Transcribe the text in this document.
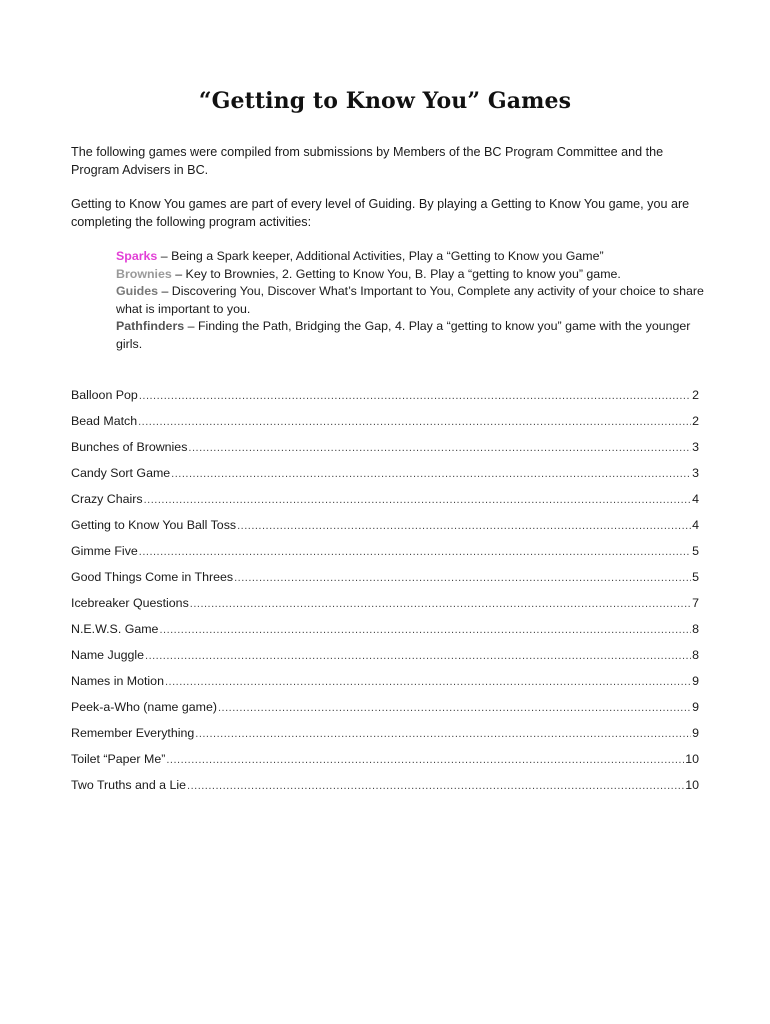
“Getting to Know You” Games
The following games were compiled from submissions by Members of the BC Program Committee and the Program Advisers in BC.
Getting to Know You games are part of every level of Guiding. By playing a Getting to Know You game, you are completing the following program activities:
Sparks – Being a Spark keeper, Additional Activities, Play a “Getting to Know you Game”
Brownies – Key to Brownies, 2. Getting to Know You, B. Play a “getting to know you” game.
Guides – Discovering You, Discover What’s Important to You, Complete any activity of your choice to share what is important to you.
Pathfinders – Finding the Path, Bridging the Gap, 4. Play a “getting to know you” game with the younger girls.
Balloon Pop .....	2
Bead Match .....	2
Bunches of Brownies .....	3
Candy Sort Game .....	3
Crazy Chairs .....	4
Getting to Know You Ball Toss .....	4
Gimme Five .....	5
Good Things Come in Threes .....	5
Icebreaker Questions .....	7
N.E.W.S. Game .....	8
Name Juggle .....	8
Names in Motion .....	9
Peek-a-Who (name game) .....	9
Remember Everything .....	9
Toilet “Paper Me” .....	10
Two Truths and a Lie .....	10
